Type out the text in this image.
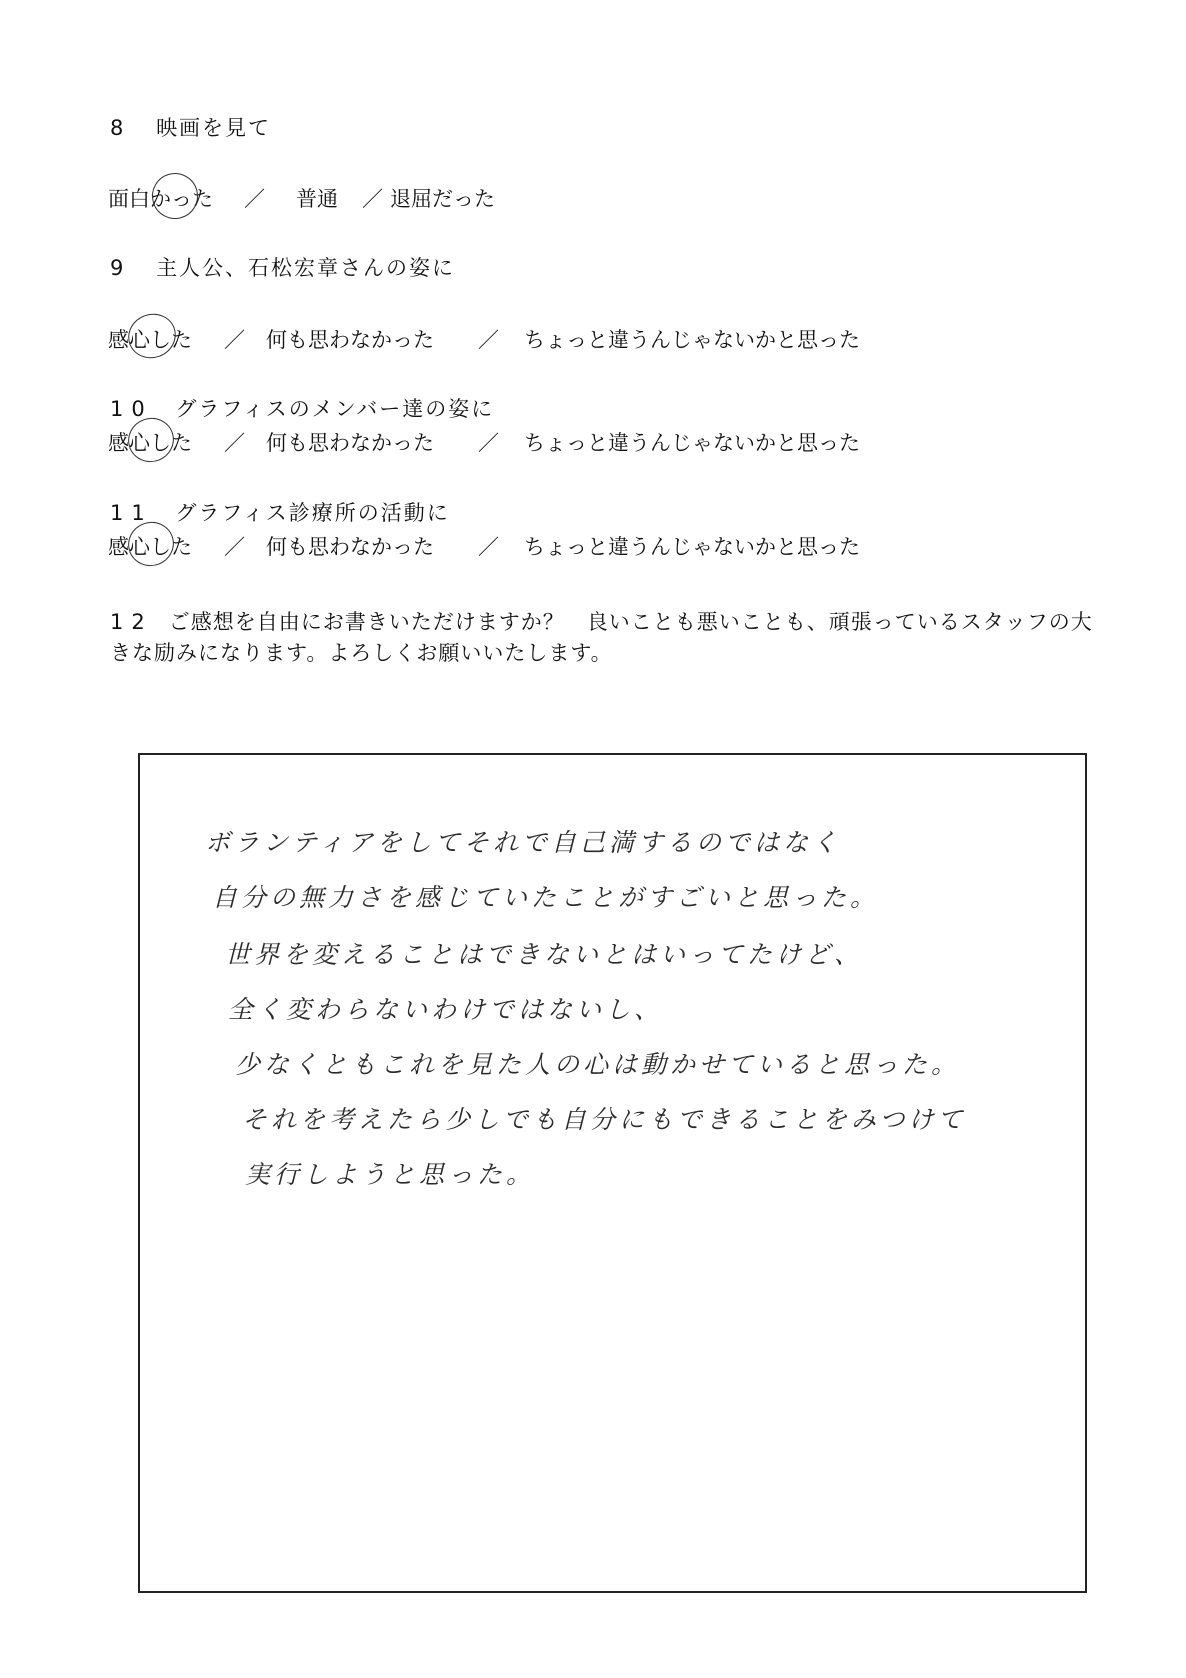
8 映画を見て
面白かった ／ 普通 ／ 退屈だった
9 主人公、石松宏章さんの姿に
感心した ／ 何も思わなかった ／ ちょっと違うんじゃないかと思った
10 グラフィスのメンバー達の姿に
感心した ／ 何も思わなかった ／ ちょっと違うんじゃないかと思った
11 グラフィス診療所の活動に
感心した ／ 何も思わなかった ／ ちょっと違うんじゃないかと思った
12 ご感想を自由にお書きいただけますか？　良いことも悪いことも、頑張っているスタッフの大きな励みになります。よろしくお願いいたします。
ボランティアをしてそれで自己満するのではなく
自分の無力さを感じていたことがすごいと思った。
世界を変えることはできないとはいってたけど、
全く変わらないわけではないし、
少なくともこれを見た人の心は動かせていると思った。
それを考えたら少しでも自分にもできることをみつけて
実行しようと思った。
